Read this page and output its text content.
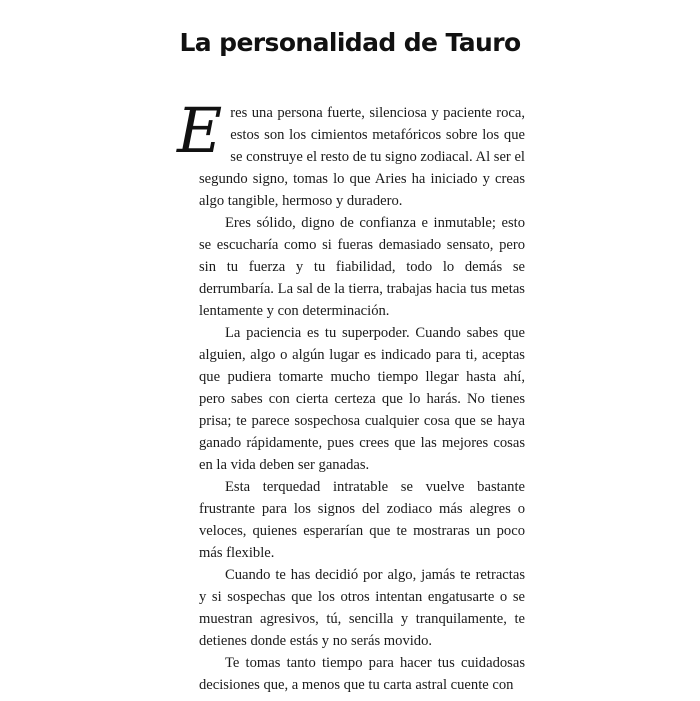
La personalidad de Tauro

Eres una persona fuerte, silenciosa y paciente roca, estos son los cimientos metafóricos sobre los que se construye el resto de tu signo zodiacal. Al ser el segundo signo, tomas lo que Aries ha iniciado y creas algo tangible, hermoso y duradero.

Eres sólido, digno de confianza e inmutable; esto se escucharía como si fueras demasiado sensato, pero sin tu fuerza y tu fiabilidad, todo lo demás se derrumbaría. La sal de la tierra, trabajas hacia tus metas lentamente y con determinación.

La paciencia es tu superpoder. Cuando sabes que alguien, algo o algún lugar es indicado para ti, aceptas que pudiera tomarte mucho tiempo llegar hasta ahí, pero sabes con cierta certeza que lo harás. No tienes prisa; te parece sospechosa cualquier cosa que se haya ganado rápidamente, pues crees que las mejores cosas en la vida deben ser ganadas.

Esta terquedad intratable se vuelve bastante frustrante para los signos del zodiaco más alegres o veloces, quienes esperarían que te mostraras un poco más flexible.

Cuando te has decidió por algo, jamás te retractas y si sospechas que los otros intentan engatusarte o se muestran agresivos, tú, sencilla y tranquilamente, te detienes donde estás y no serás movido.

Te tomas tanto tiempo para hacer tus cuidadosas decisiones que, a menos que tu carta astral cuente con
